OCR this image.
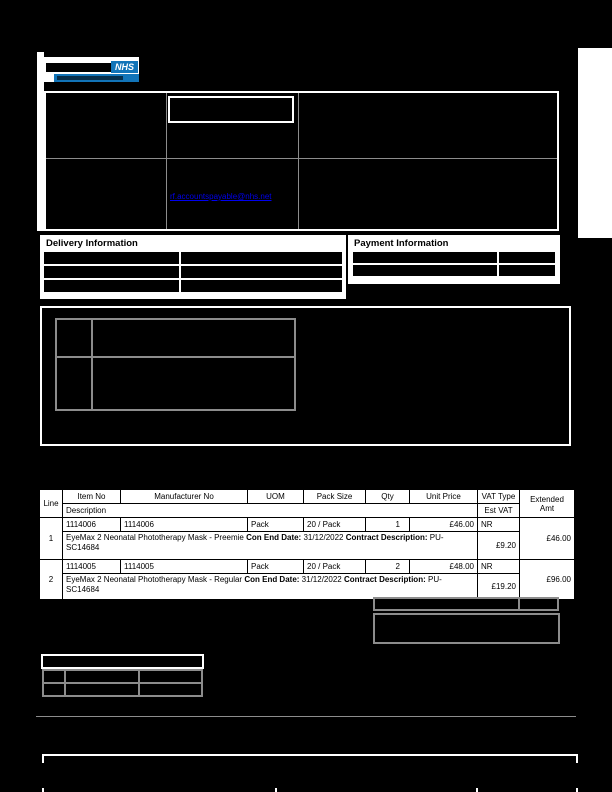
NHS
rf.accountspayable@nhs.net
Delivery Information	Payment Information
Line	Item No	Manufacturer No	UOM	Pack Size	Qty	Unit Price	VAT Type	Extended Amt
	Description						Est VAT	
1	1114006	1114006	Pack	20 / Pack	1	£46.00	NR	£46.00
	EyeMax 2 Neonatal Phototherapy Mask - Preemie Con End Date: 31/12/2022 Contract Description: PU-SC14684						£9.20	
2	1114005	1114005	Pack	20 / Pack	2	£48.00	NR	£96.00
	EyeMax 2 Neonatal Phototherapy Mask - Regular Con End Date: 31/12/2022 Contract Description: PU-SC14684						£19.20	
